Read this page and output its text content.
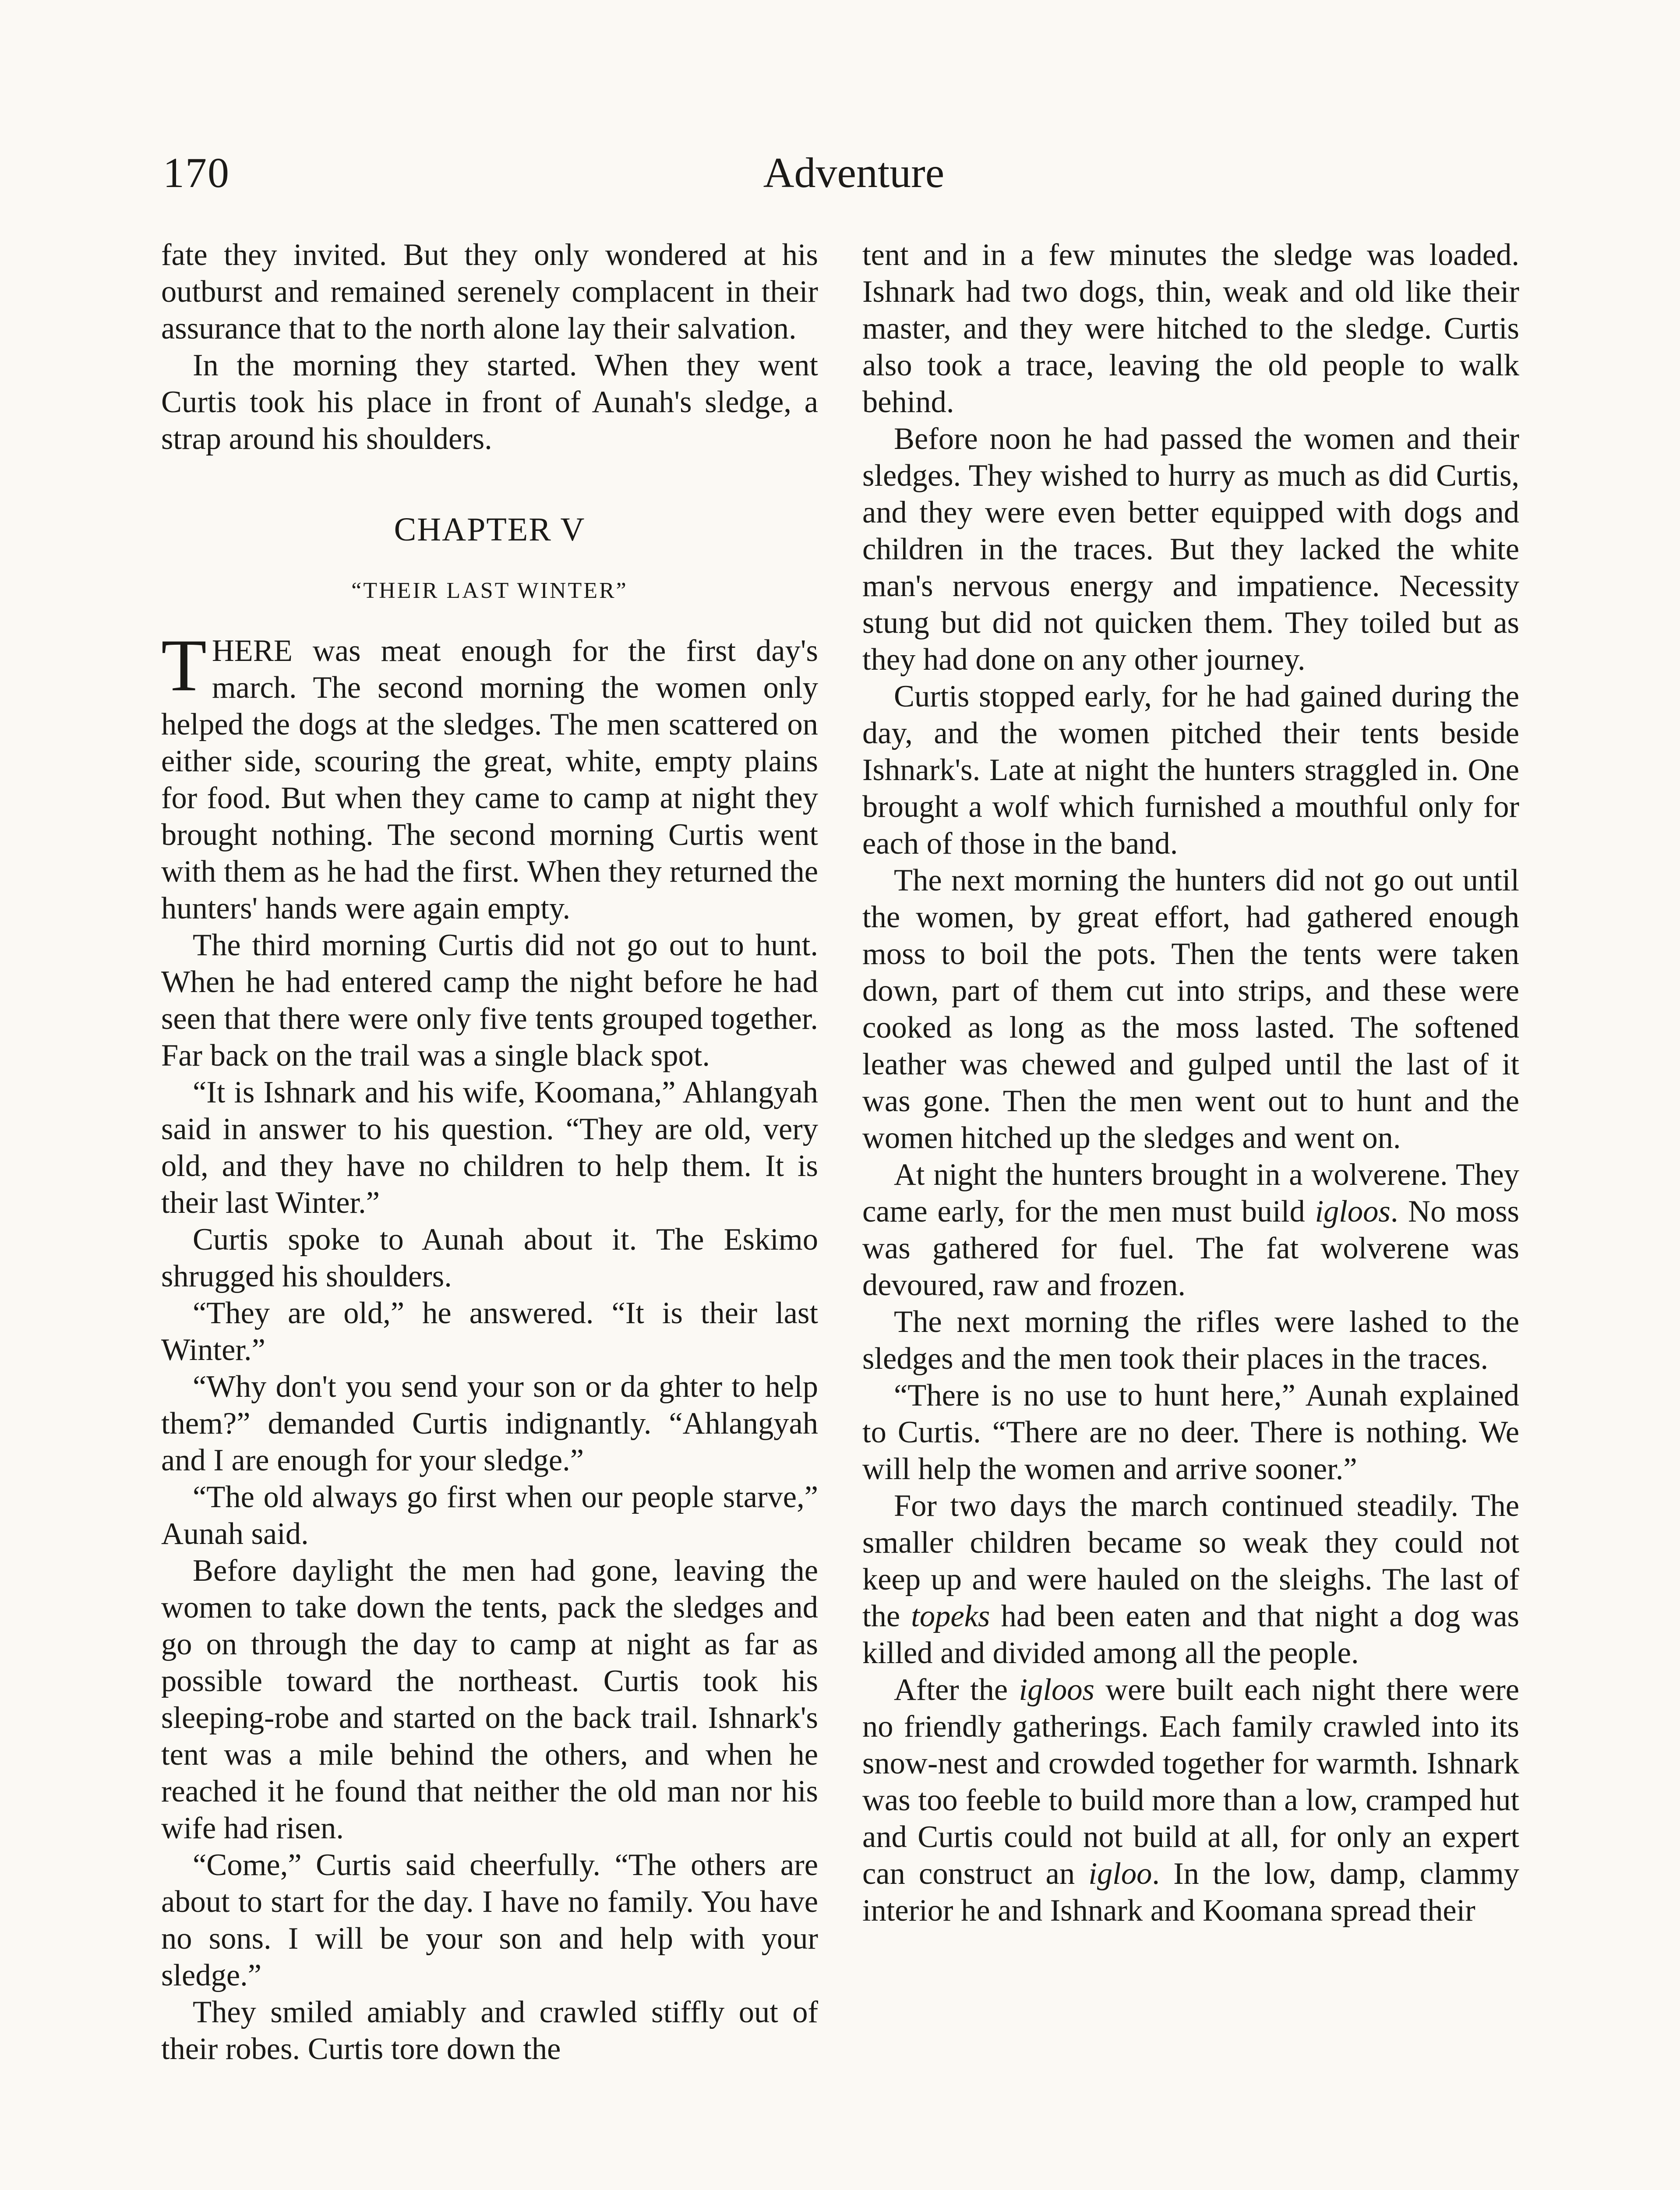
170	Adventure

fate they invited. But they only wondered at his outburst and remained serenely complacent in their assurance that to the north alone lay their salvation.

In the morning they started. When they went Curtis took his place in front of Aunah's sledge, a strap around his shoulders.

CHAPTER V
“THEIR LAST WINTER”

THERE was meat enough for the first day's march. The second morning the women only helped the dogs at the sledges. The men scattered on either side, scouring the great, white, empty plains for food. But when they came to camp at night they brought nothing. The second morning Curtis went with them as he had the first. When they returned the hunters' hands were again empty.

The third morning Curtis did not go out to hunt. When he had entered camp the night before he had seen that there were only five tents grouped together. Far back on the trail was a single black spot.

“It is Ishnark and his wife, Koomana,” Ahlangyah said in answer to his question. “They are old, very old, and they have no children to help them. It is their last Winter.”

Curtis spoke to Aunah about it. The Eskimo shrugged his shoulders.

“They are old,” he answered. “It is their last Winter.”

“Why don't you send your son or da ghter to help them?” demanded Curtis indignantly. “Ahlangyah and I are enough for your sledge.”

“The old always go first when our people starve,” Aunah said.

Before daylight the men had gone, leaving the women to take down the tents, pack the sledges and go on through the day to camp at night as far as possible toward the northeast. Curtis took his sleeping-robe and started on the back trail. Ishnark's tent was a mile behind the others, and when he reached it he found that neither the old man nor his wife had risen.

“Come,” Curtis said cheerfully. “The others are about to start for the day. I have no family. You have no sons. I will be your son and help with your sledge.”

They smiled amiably and crawled stiffly out of their robes. Curtis tore down the

tent and in a few minutes the sledge was loaded. Ishnark had two dogs, thin, weak and old like their master, and they were hitched to the sledge. Curtis also took a trace, leaving the old people to walk behind.

Before noon he had passed the women and their sledges. They wished to hurry as much as did Curtis, and they were even better equipped with dogs and children in the traces. But they lacked the white man's nervous energy and impatience. Necessity stung but did not quicken them. They toiled but as they had done on any other journey.

Curtis stopped early, for he had gained during the day, and the women pitched their tents beside Ishnark's. Late at night the hunters straggled in. One brought a wolf which furnished a mouthful only for each of those in the band.

The next morning the hunters did not go out until the women, by great effort, had gathered enough moss to boil the pots. Then the tents were taken down, part of them cut into strips, and these were cooked as long as the moss lasted. The softened leather was chewed and gulped until the last of it was gone. Then the men went out to hunt and the women hitched up the sledges and went on.

At night the hunters brought in a wolverene. They came early, for the men must build igloos. No moss was gathered for fuel. The fat wolverene was devoured, raw and frozen.

The next morning the rifles were lashed to the sledges and the men took their places in the traces.

“There is no use to hunt here,” Aunah explained to Curtis. “There are no deer. There is nothing. We will help the women and arrive sooner.”

For two days the march continued steadily. The smaller children became so weak they could not keep up and were hauled on the sleighs. The last of the topeks had been eaten and that night a dog was killed and divided among all the people.

After the igloos were built each night there were no friendly gatherings. Each family crawled into its snow-nest and crowded together for warmth. Ishnark was too feeble to build more than a low, cramped hut and Curtis could not build at all, for only an expert can construct an igloo. In the low, damp, clammy interior he and Ishnark and Koomana spread their
